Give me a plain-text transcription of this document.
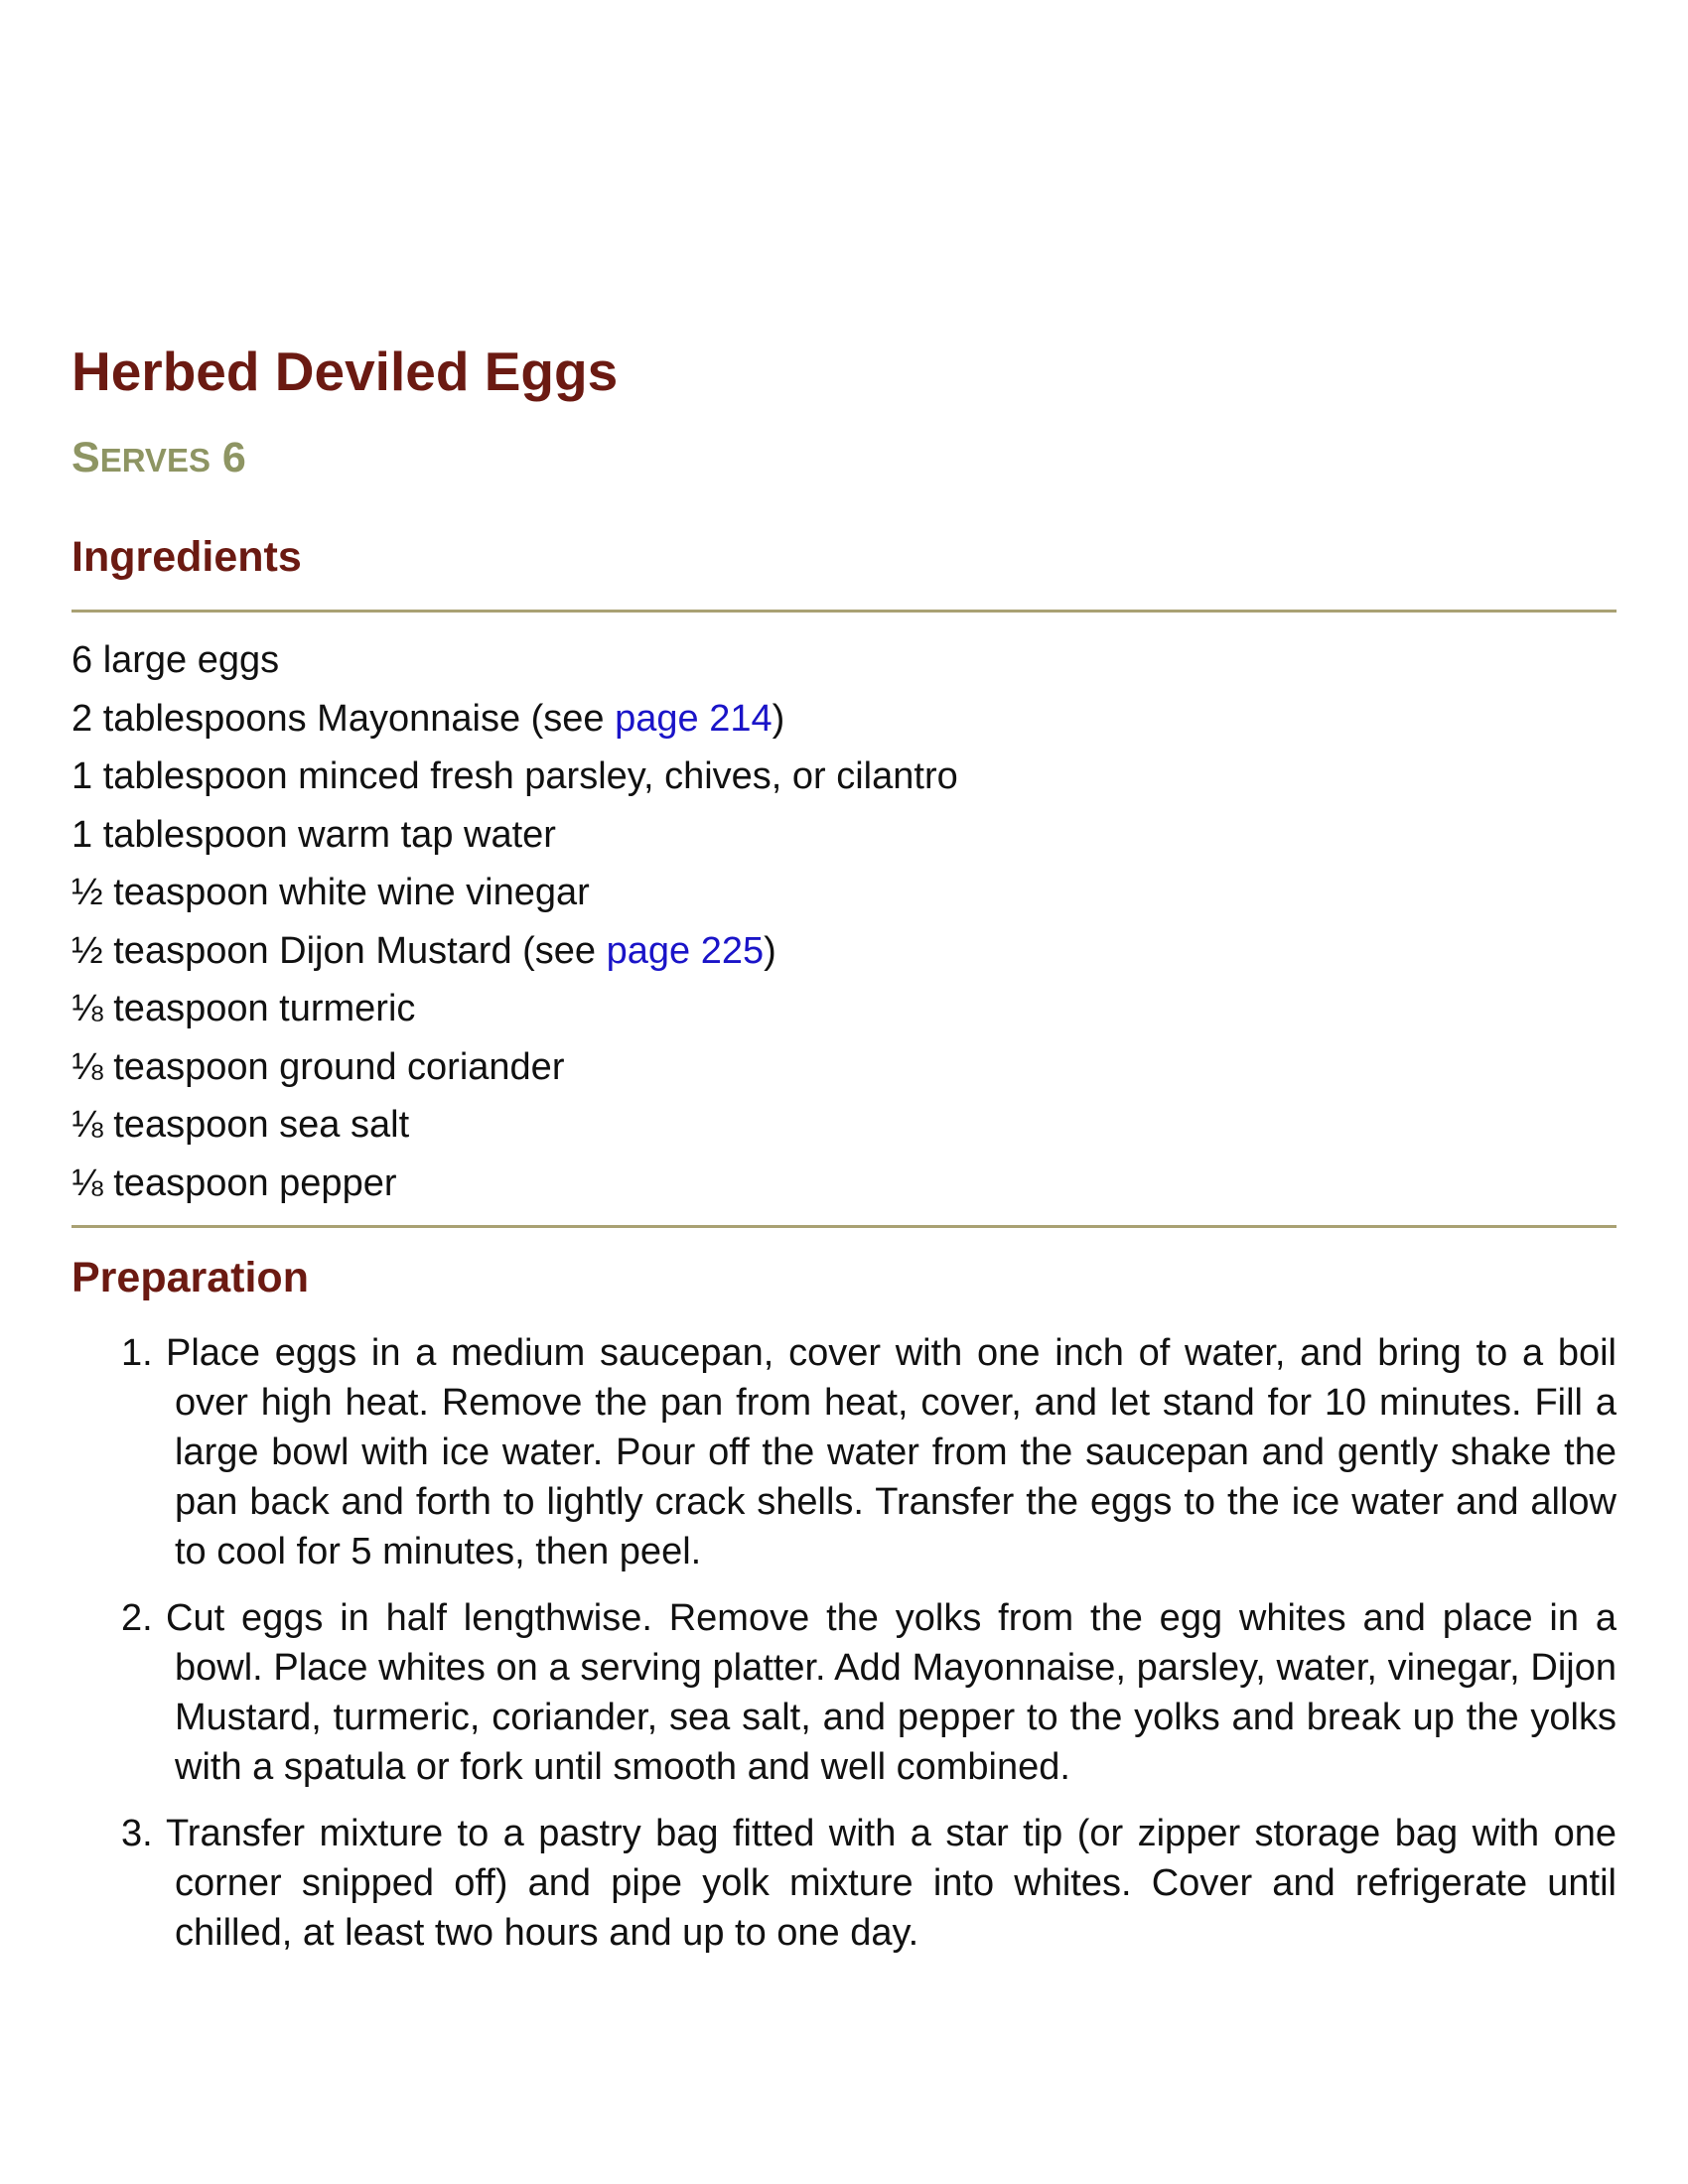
Herbed Deviled Eggs
SERVES 6
Ingredients
6 large eggs
2 tablespoons Mayonnaise (see page 214)
1 tablespoon minced fresh parsley, chives, or cilantro
1 tablespoon warm tap water
½ teaspoon white wine vinegar
½ teaspoon Dijon Mustard (see page 225)
⅛ teaspoon turmeric
⅛ teaspoon ground coriander
⅛ teaspoon sea salt
⅛ teaspoon pepper
Preparation
1. Place eggs in a medium saucepan, cover with one inch of water, and bring to a boil over high heat. Remove the pan from heat, cover, and let stand for 10 minutes. Fill a large bowl with ice water. Pour off the water from the saucepan and gently shake the pan back and forth to lightly crack shells. Transfer the eggs to the ice water and allow to cool for 5 minutes, then peel.
2. Cut eggs in half lengthwise. Remove the yolks from the egg whites and place in a bowl. Place whites on a serving platter. Add Mayonnaise, parsley, water, vinegar, Dijon Mustard, turmeric, coriander, sea salt, and pepper to the yolks and break up the yolks with a spatula or fork until smooth and well combined.
3. Transfer mixture to a pastry bag fitted with a star tip (or zipper storage bag with one corner snipped off) and pipe yolk mixture into whites. Cover and refrigerate until chilled, at least two hours and up to one day.
